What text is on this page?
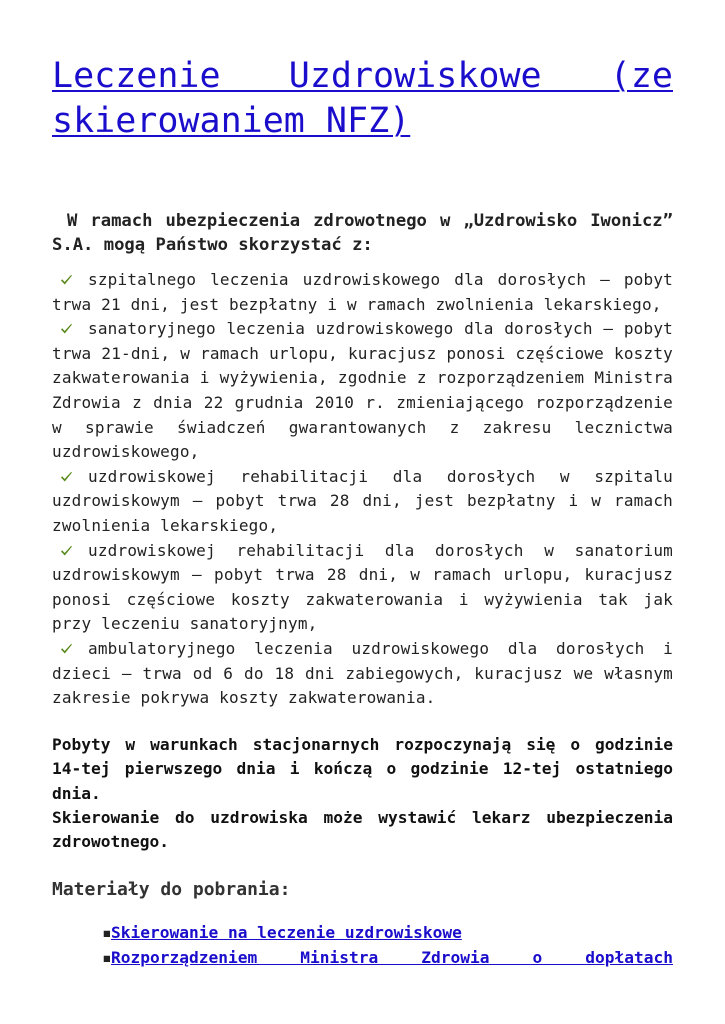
Leczenie Uzdrowiskowe (ze skierowaniem NFZ)
W ramach ubezpieczenia zdrowotnego w „Uzdrowisko Iwonicz” S.A. mogą Państwo skorzystać z:
szpitalnego leczenia uzdrowiskowego dla dorosłych – pobyt trwa 21 dni, jest bezpłatny i w ramach zwolnienia lekarskiego,
sanatoryjnego leczenia uzdrowiskowego dla dorosłych – pobyt trwa 21-dni, w ramach urlopu, kuracjusz ponosi częściowe koszty zakwaterowania i wyżywienia, zgodnie z rozporządzeniem Ministra Zdrowia z dnia 22 grudnia 2010 r. zmieniającego rozporządzenie w sprawie świadczeń gwarantowanych z zakresu lecznictwa uzdrowiskowego,
uzdrowiskowej rehabilitacji dla dorosłych w szpitalu uzdrowiskowym – pobyt trwa 28 dni, jest bezpłatny i w ramach zwolnienia lekarskiego,
uzdrowiskowej rehabilitacji dla dorosłych w sanatorium uzdrowiskowym – pobyt trwa 28 dni, w ramach urlopu, kuracjusz ponosi częściowe koszty zakwaterowania i wyżywienia tak jak przy leczeniu sanatoryjnym,
ambulatoryjnego leczenia uzdrowiskowego dla dorosłych i dzieci – trwa od 6 do 18 dni zabiegowych, kuracjusz we własnym zakresie pokrywa koszty zakwaterowania.

Pobyty w warunkach stacjonarnych rozpoczynają się o godzinie 14-tej pierwszego dnia i kończą o godzinie 12-tej ostatniego dnia.

Skierowanie do uzdrowiska może wystawić lekarz ubezpieczenia zdrowotnego.

Materiały do pobrania:
▪Skierowanie na leczenie uzdrowiskowe
▪Rozporządzeniem Ministra Zdrowia o dopłatach
